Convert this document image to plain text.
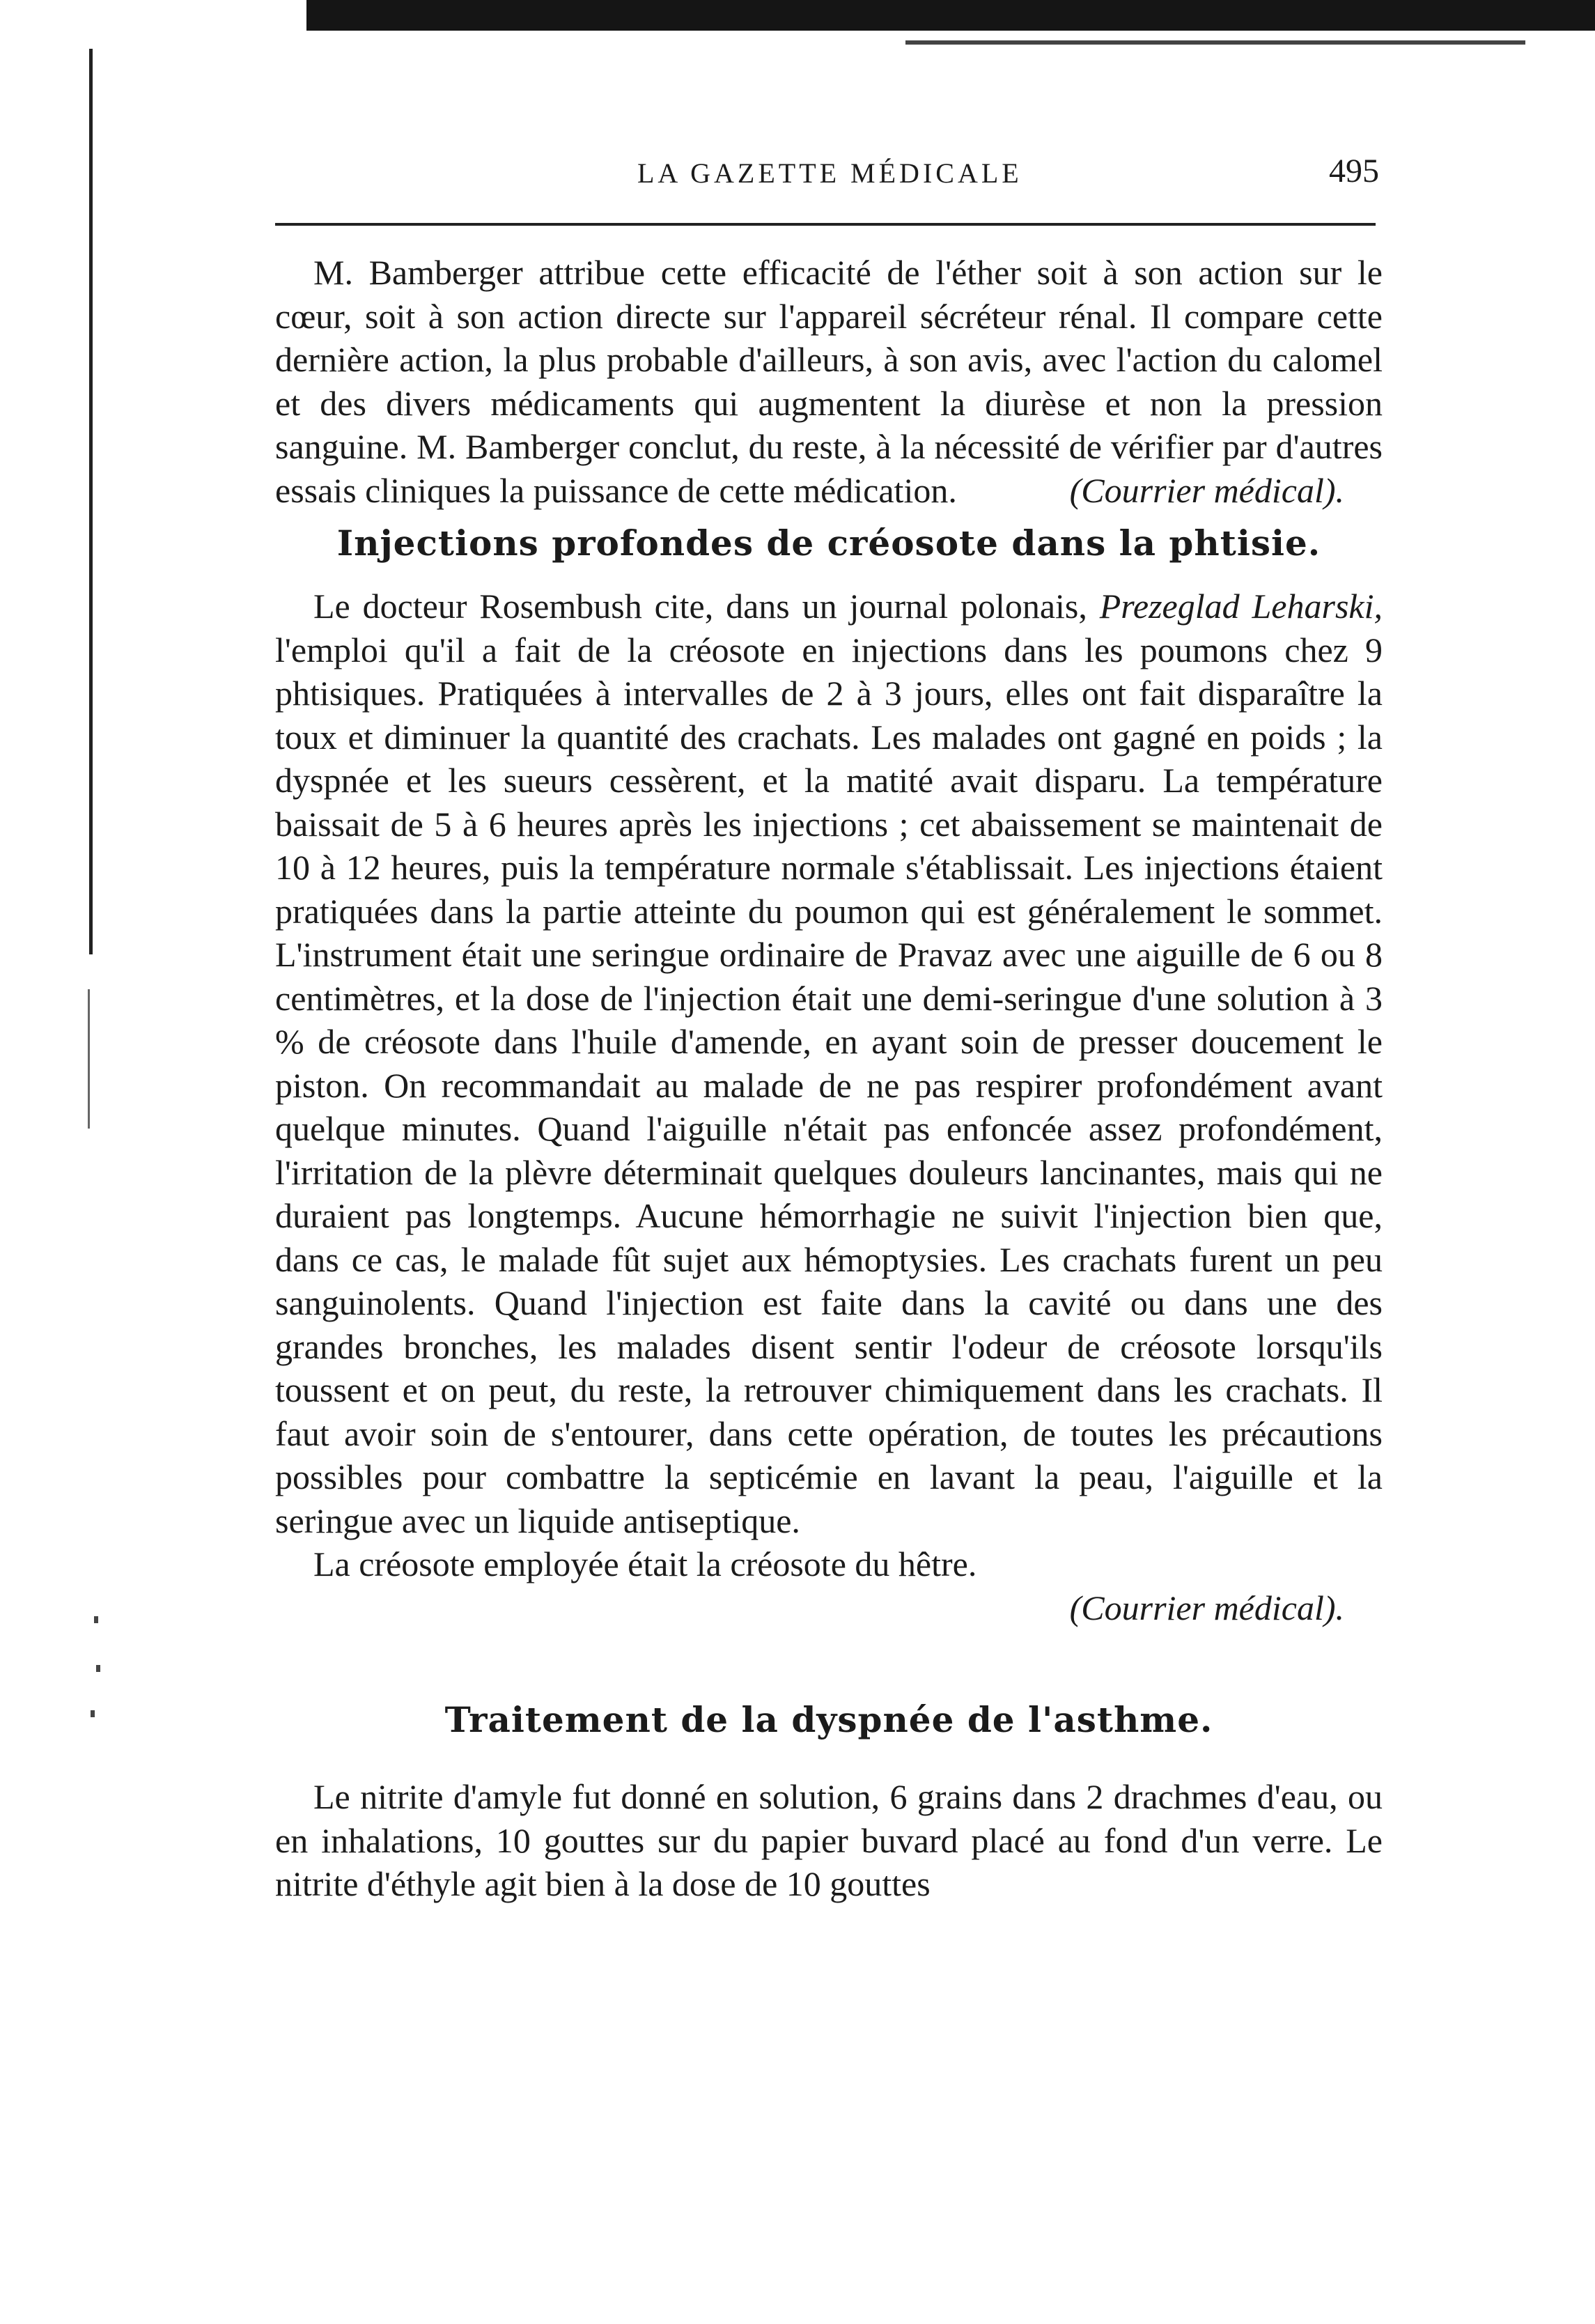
LA GAZETTE MÉDICALE	495

M. Bamberger attribue cette efficacité de l'éther soit à son action sur le cœur, soit à son action directe sur l'appareil sécréteur rénal. Il compare cette dernière action, la plus probable d'ailleurs, à son avis, avec l'action du calomel et des divers médicaments qui augmentent la diurèse et non la pression sanguine. M. Bamberger conclut, du reste, à la nécessité de vérifier par d'autres essais cliniques la puissance de cette médication.	(Courrier médical).

Injections profondes de créosote dans la phtisie.

Le docteur Rosembush cite, dans un journal polonais, Prezeglad Leharski, l'emploi qu'il a fait de la créosote en injections dans les poumons chez 9 phtisiques. Pratiquées à intervalles de 2 à 3 jours, elles ont fait disparaître la toux et diminuer la quantité des crachats. Les malades ont gagné en poids ; la dyspnée et les sueurs cessèrent, et la matité avait disparu. La température baissait de 5 à 6 heures après les injections ; cet abaissement se maintenait de 10 à 12 heures, puis la température normale s'établissait. Les injections étaient pratiquées dans la partie atteinte du poumon qui est généralement le sommet. L'instrument était une seringue ordinaire de Pravaz avec une aiguille de 6 ou 8 centimètres, et la dose de l'injection était une demi-seringue d'une solution à 3 % de créosote dans l'huile d'amende, en ayant soin de presser doucement le piston. On recommandait au malade de ne pas respirer profondément avant quelque minutes. Quand l'aiguille n'était pas enfoncée assez profondément, l'irritation de la plèvre déterminait quelques douleurs lancinantes, mais qui ne duraient pas longtemps. Aucune hémorrhagie ne suivit l'injection bien que, dans ce cas, le malade fût sujet aux hémoptysies. Les crachats furent un peu sanguinolents. Quand l'injection est faite dans la cavité ou dans une des grandes bronches, les malades disent sentir l'odeur de créosote lorsqu'ils toussent et on peut, du reste, la retrouver chimiquement dans les crachats. Il faut avoir soin de s'entourer, dans cette opération, de toutes les précautions possibles pour combattre la septicémie en lavant la peau, l'aiguille et la seringue avec un liquide antiseptique.

La créosote employée était la créosote du hêtre.

(Courrier médical).
Traitement de la dyspnée de l'asthme.

Le nitrite d'amyle fut donné en solution, 6 grains dans 2 drachmes d'eau, ou en inhalations, 10 gouttes sur du papier buvard placé au fond d'un verre. Le nitrite d'éthyle agit bien à la dose de 10 gouttes
